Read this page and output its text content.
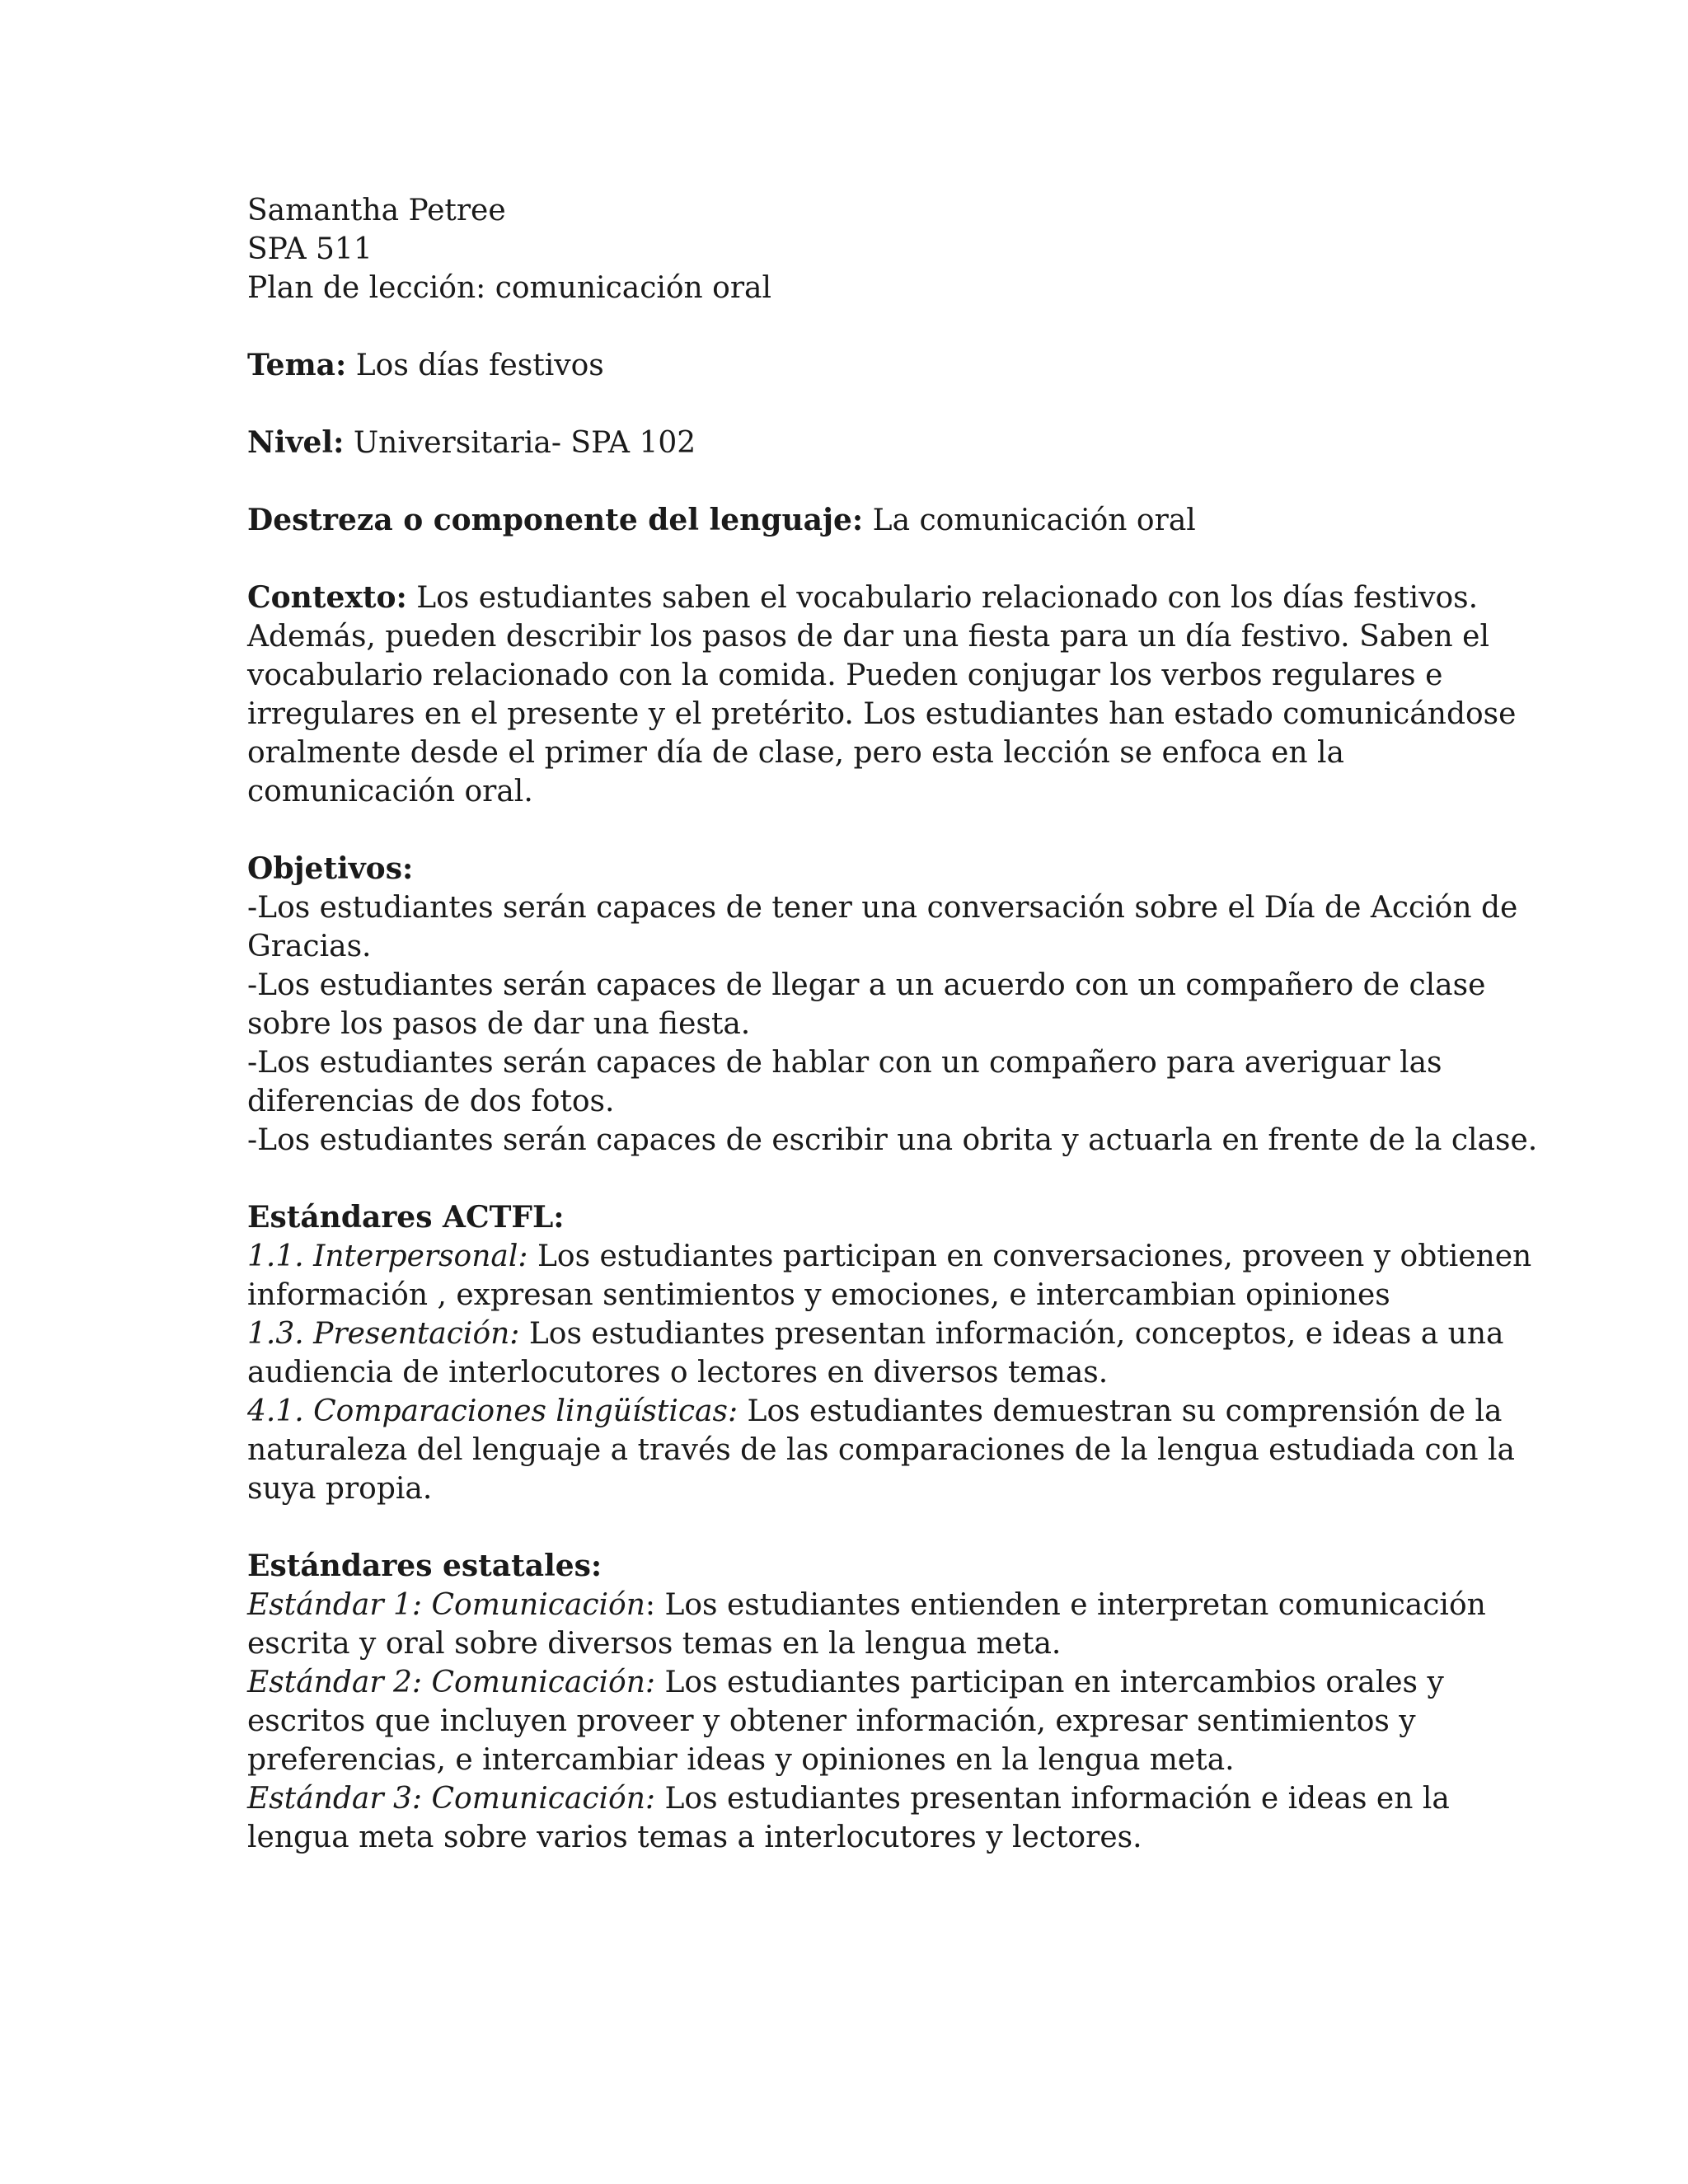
Samantha Petree
SPA 511
Plan de lección: comunicación oral
Tema: Los días festivos
Nivel: Universitaria- SPA 102
Destreza o componente del lenguaje: La comunicación oral
Contexto: Los estudiantes saben el vocabulario relacionado con los días festivos.
Además, pueden describir los pasos de dar una fiesta para un día festivo. Saben el
vocabulario relacionado con la comida. Pueden conjugar los verbos regulares e
irregulares en el presente y el pretérito. Los estudiantes han estado comunicándose
oralmente desde el primer día de clase, pero esta lección se enfoca en la
comunicación oral.
Objetivos:
-Los estudiantes serán capaces de tener una conversación sobre el Día de Acción de
Gracias.
-Los estudiantes serán capaces de llegar a un acuerdo con un compañero de clase
sobre los pasos de dar una fiesta.
-Los estudiantes serán capaces de hablar con un compañero para averiguar las
diferencias de dos fotos.
-Los estudiantes serán capaces de escribir una obrita y actuarla en frente de la clase.
Estándares ACTFL:
1.1. Interpersonal: Los estudiantes participan en conversaciones, proveen y obtienen
información , expresan sentimientos y emociones, e intercambian opiniones
1.3. Presentación: Los estudiantes presentan información, conceptos, e ideas a una
audiencia de interlocutores o lectores en diversos temas.
4.1. Comparaciones lingüísticas: Los estudiantes demuestran su comprensión de la
naturaleza del lenguaje a través de las comparaciones de la lengua estudiada con la
suya propia.
Estándares estatales:
Estándar 1: Comunicación: Los estudiantes entienden e interpretan comunicación
escrita y oral sobre diversos temas en la lengua meta.
Estándar 2: Comunicación: Los estudiantes participan en intercambios orales y
escritos que incluyen proveer y obtener información, expresar sentimientos y
preferencias, e intercambiar ideas y opiniones en la lengua meta.
Estándar 3: Comunicación: Los estudiantes presentan información e ideas en la
lengua meta sobre varios temas a interlocutores y lectores.
